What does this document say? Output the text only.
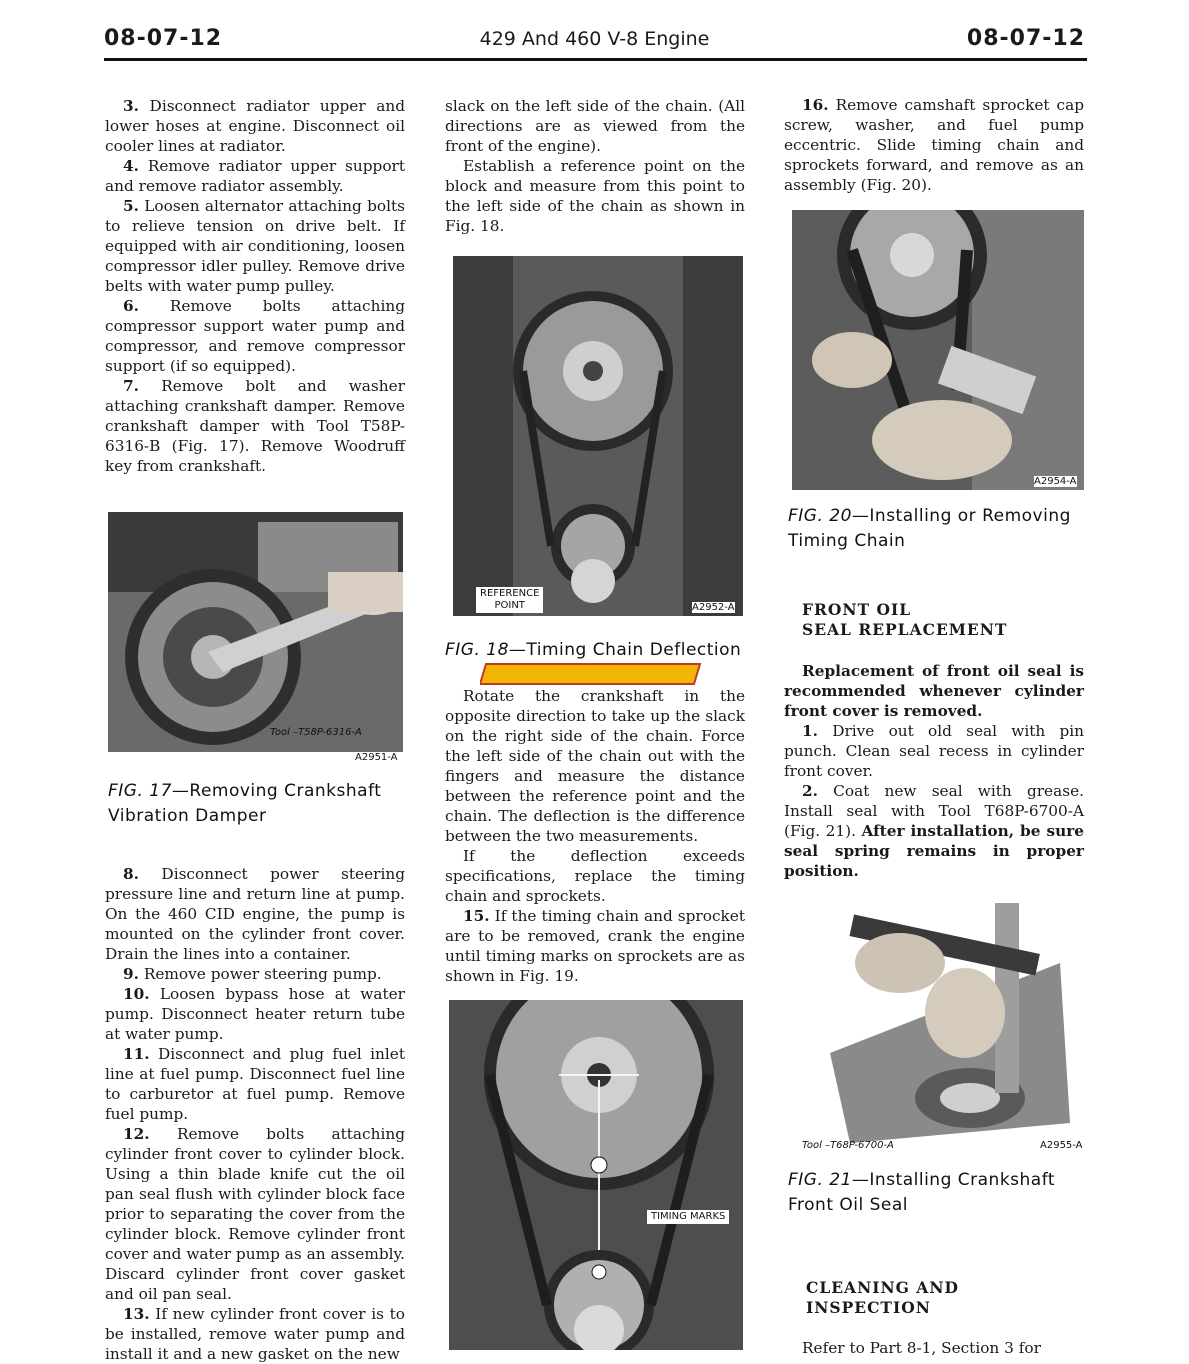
08-07-12	429 And 460 V-8 Engine	08-07-12

3. Disconnect radiator upper and lower hoses at engine. Disconnect oil cooler lines at radiator.

4. Remove radiator upper support and remove radiator assembly.

5. Loosen alternator attaching bolts to relieve tension on drive belt. If equipped with air conditioning, loosen compressor idler pulley. Remove drive belts with water pump pulley.

6. Remove bolts attaching compressor support water pump and compressor, and remove compressor support (if so equipped).

7. Remove bolt and washer attaching crankshaft damper. Remove crankshaft damper with Tool T58P-6316-B (Fig. 17). Remove Woodruff key from crankshaft.

Tool –T58P-6316-A
A2951-A
FIG. 17—Removing Crankshaft
Vibration Damper

8. Disconnect power steering pressure line and return line at pump. On the 460 CID engine, the pump is mounted on the cylinder front cover. Drain the lines into a container.

9. Remove power steering pump.

10. Loosen bypass hose at water pump. Disconnect heater return tube at water pump.

11. Disconnect and plug fuel inlet line at fuel pump. Disconnect fuel line to carburetor at fuel pump. Remove fuel pump.

12. Remove bolts attaching cylinder front cover to cylinder block. Using a thin blade knife cut the oil pan seal flush with cylinder block face prior to separating the cover from the cylinder block. Remove cylinder front cover and water pump as an assembly. Discard cylinder front cover gasket and oil pan seal.

13. If new cylinder front cover is to be installed, remove water pump and install it and a new gasket on the new

slack on the left side of the chain. (All directions are as viewed from the front of the engine).

Establish a reference point on the block and measure from this point to the left side of the chain as shown in Fig. 18.

REFERENCE
POINT	A2952-A
FIG. 18—Timing Chain Deflection

Rotate the crankshaft in the opposite direction to take up the slack on the right side of the chain. Force the left side of the chain out with the fingers and measure the distance between the reference point and the chain. The deflection is the difference between the two measurements.

If the deflection exceeds specifications, replace the timing chain and sprockets.

15. If the timing chain and sprocket are to be removed, crank the engine until timing marks on sprockets are as shown in Fig. 19.

TIMING MARKS

16. Remove camshaft sprocket cap screw, washer, and fuel pump eccentric. Slide timing chain and sprockets forward, and remove as an assembly (Fig. 20).

A2954-A
FIG. 20—Installing or Removing
Timing Chain
FRONT OIL
SEAL REPLACEMENT

Replacement of front oil seal is recommended whenever cylinder front cover is removed.

1. Drive out old seal with pin punch. Clean seal recess in cylinder front cover.

2. Coat new seal with grease. Install seal with Tool T68P-6700-A (Fig. 21). After installation, be sure seal spring remains in proper position.

Tool –T68P-6700-A	A2955-A
FIG. 21—Installing Crankshaft
Front Oil Seal
CLEANING AND
INSPECTION

Refer to Part 8-1, Section 3 for
